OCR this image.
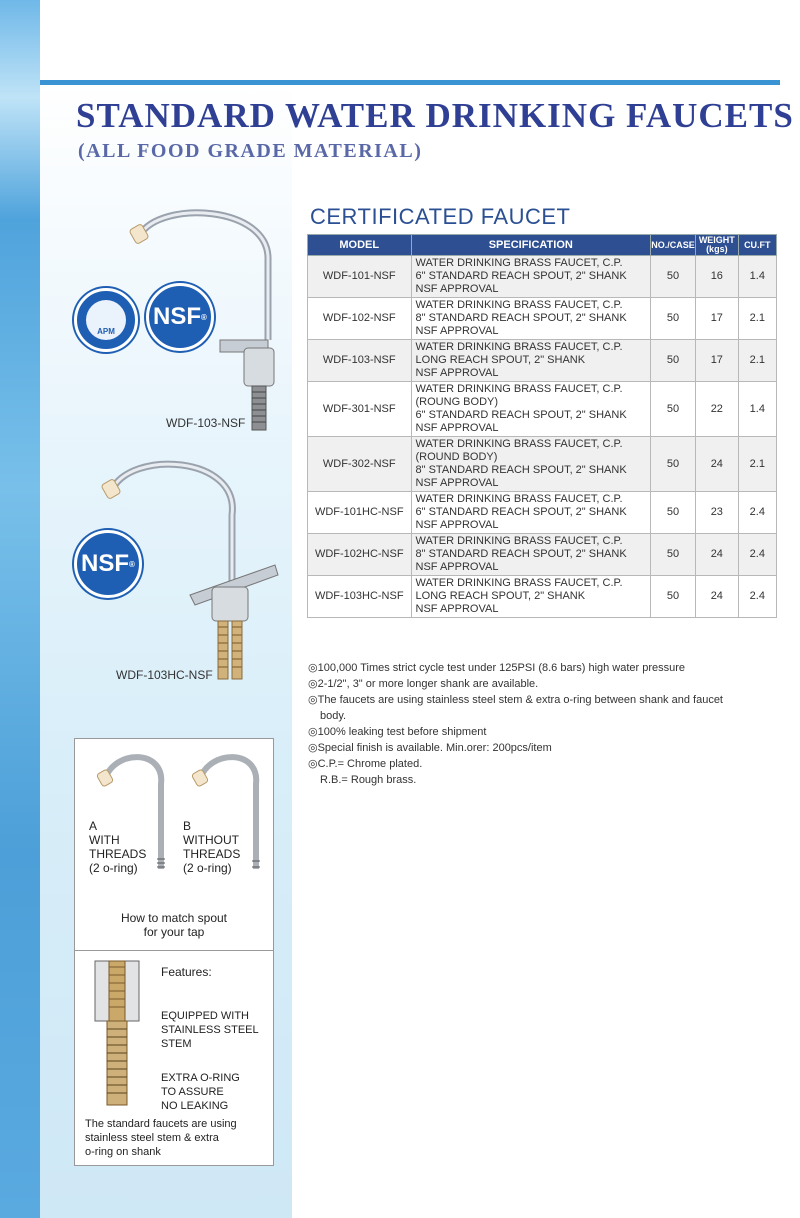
STANDARD WATER DRINKING FAUCETS
(ALL FOOD GRADE MATERIAL)
APM
NSF ®
NSF ®
WDF-103-NSF
WDF-103HC-NSF
CERTIFICATED FAUCET
MODEL	SPECIFICATION	NO./CASE	WEIGHT
(kgs)	CU.FT
WDF-101-NSF	WATER DRINKING BRASS FAUCET, C.P.
6" STANDARD REACH SPOUT, 2" SHANK
NSF APPROVAL	50	16	1.4
WDF-102-NSF	WATER DRINKING BRASS FAUCET, C.P.
8" STANDARD REACH SPOUT, 2" SHANK
NSF APPROVAL	50	17	2.1
WDF-103-NSF	WATER DRINKING BRASS FAUCET, C.P.
LONG REACH SPOUT, 2" SHANK
NSF APPROVAL	50	17	2.1
WDF-301-NSF	WATER DRINKING BRASS FAUCET, C.P.
(ROUNG BODY)
6" STANDARD REACH SPOUT, 2" SHANK
NSF APPROVAL	50	22	1.4
WDF-302-NSF	WATER DRINKING BRASS FAUCET, C.P.
(ROUND BODY)
8" STANDARD REACH SPOUT, 2" SHANK
NSF APPROVAL	50	24	2.1
WDF-101HC-NSF	WATER DRINKING BRASS FAUCET, C.P.
6" STANDARD REACH SPOUT, 2" SHANK
NSF APPROVAL	50	23	2.4
WDF-102HC-NSF	WATER DRINKING BRASS FAUCET, C.P.
8" STANDARD REACH SPOUT, 2" SHANK
NSF APPROVAL	50	24	2.4
WDF-103HC-NSF	WATER DRINKING BRASS FAUCET, C.P.
LONG REACH SPOUT, 2" SHANK
NSF APPROVAL	50	24	2.4
◎100,000 Times strict cycle test under 125PSI (8.6 bars) high water pressure
◎2-1/2", 3" or more longer shank are available.
◎The faucets are using stainless steel stem & extra o-ring between shank and faucet
body.
◎100% leaking test before shipment
◎Special finish is available. Min.orer: 200pcs/item
◎C.P.= Chrome plated.
R.B.= Rough brass.
A
WITH
THREADS
(2 o-ring)
B
WITHOUT
THREADS
(2 o-ring)
How to match spout
for your tap
Features:
EQUIPPED WITH
STAINLESS STEEL
STEM
EXTRA O-RING
TO ASSURE
NO LEAKING
The standard faucets are using
stainless steel stem & extra
o-ring on shank
